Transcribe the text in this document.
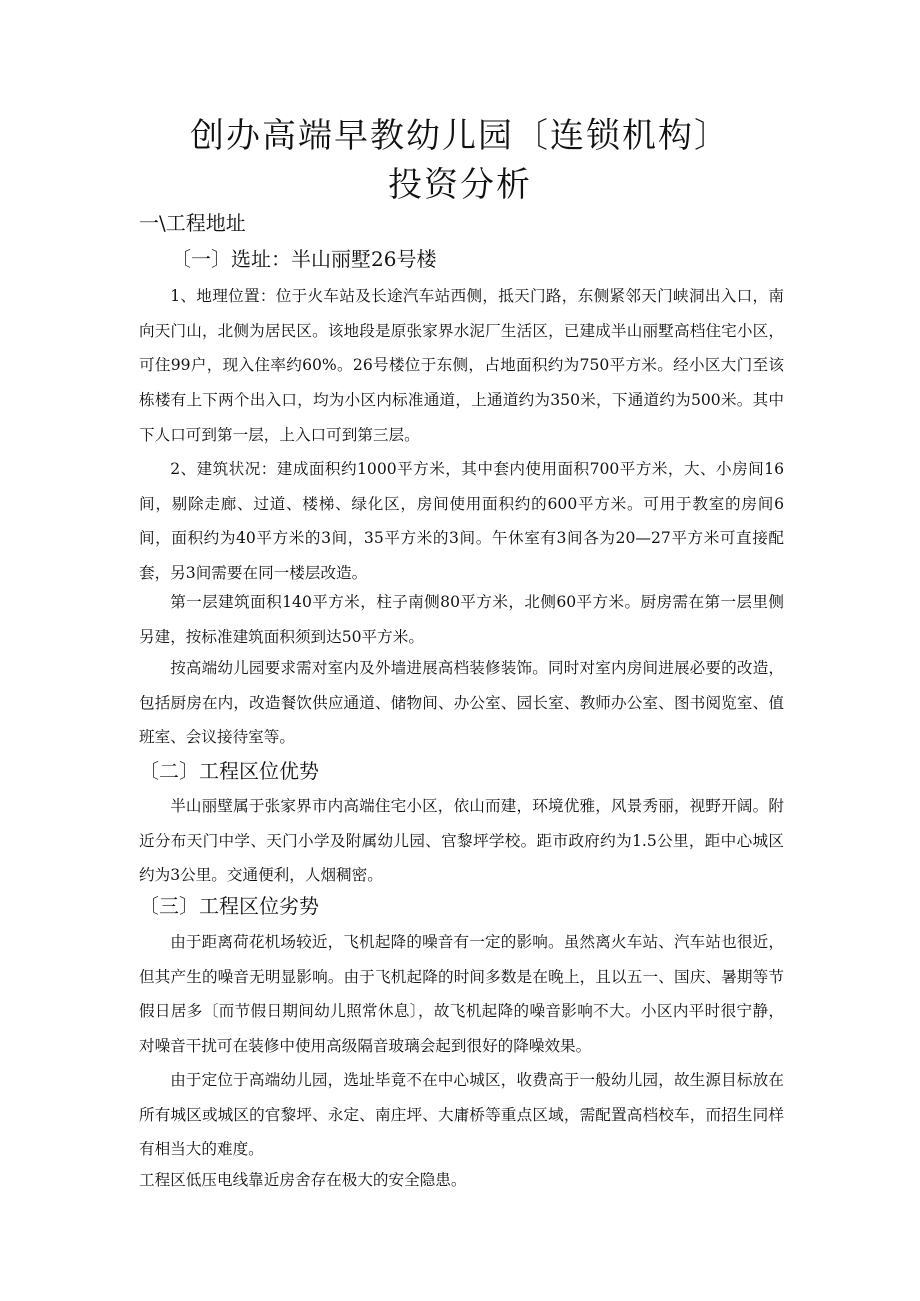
创办高端早教幼儿园〔连锁机构〕
投资分析
一\工程地址
〔一〕选址：半山丽墅26号楼

1、地理位置：位于火车站及长途汽车站西侧，抵天门路，东侧紧邻天门峡洞出入口，南向天门山，北侧为居民区。该地段是原张家界水泥厂生活区，已建成半山丽墅高档住宅小区，可住99户，现入住率约60%。26号楼位于东侧，占地面积约为750平方米。经小区大门至该栋楼有上下两个出入口，均为小区内标准通道，上通道约为350米，下通道约为500米。其中下人口可到第一层，上入口可到第三层。

2、建筑状况：建成面积约1000平方米，其中套内使用面积700平方米，大、小房间16间，剔除走廊、过道、楼梯、绿化区，房间使用面积约的600平方米。可用于教室的房间6间，面积约为40平方米的3间，35平方米的3间。午休室有3间各为20—27平方米可直接配套，另3间需要在同一楼层改造。

第一层建筑面积140平方米，柱子南侧80平方米，北侧60平方米。厨房需在第一层里侧另建，按标准建筑面积须到达50平方米。

按高端幼儿园要求需对室内及外墙进展高档装修装饰。同时对室内房间进展必要的改造，包括厨房在内，改造餐饮供应通道、储物间、办公室、园长室、教师办公室、图书阅览室、值班室、会议接待室等。

〔二〕工程区位优势

半山丽壁属于张家界市内高端住宅小区，依山而建，环境优雅，风景秀丽，视野开阔。附近分布天门中学、天门小学及附属幼儿园、官黎坪学校。距市政府约为1.5公里，距中心城区约为3公里。交通便利，人烟稠密。

〔三〕工程区位劣势

由于距离荷花机场较近，飞机起降的噪音有一定的影响。虽然离火车站、汽车站也很近，但其产生的噪音无明显影响。由于飞机起降的时间多数是在晚上，且以五一、国庆、暑期等节假日居多〔而节假日期间幼儿照常休息〕，故飞机起降的噪音影响不大。小区内平时很宁静，对噪音干扰可在装修中使用高级隔音玻璃会起到很好的降噪效果。

由于定位于高端幼儿园，选址毕竟不在中心城区，收费高于一般幼儿园，故生源目标放在所有城区或城区的官黎坪、永定、南庄坪、大庸桥等重点区域，需配置高档校车，而招生同样有相当大的难度。

工程区低压电线靠近房舍存在极大的安全隐患。
